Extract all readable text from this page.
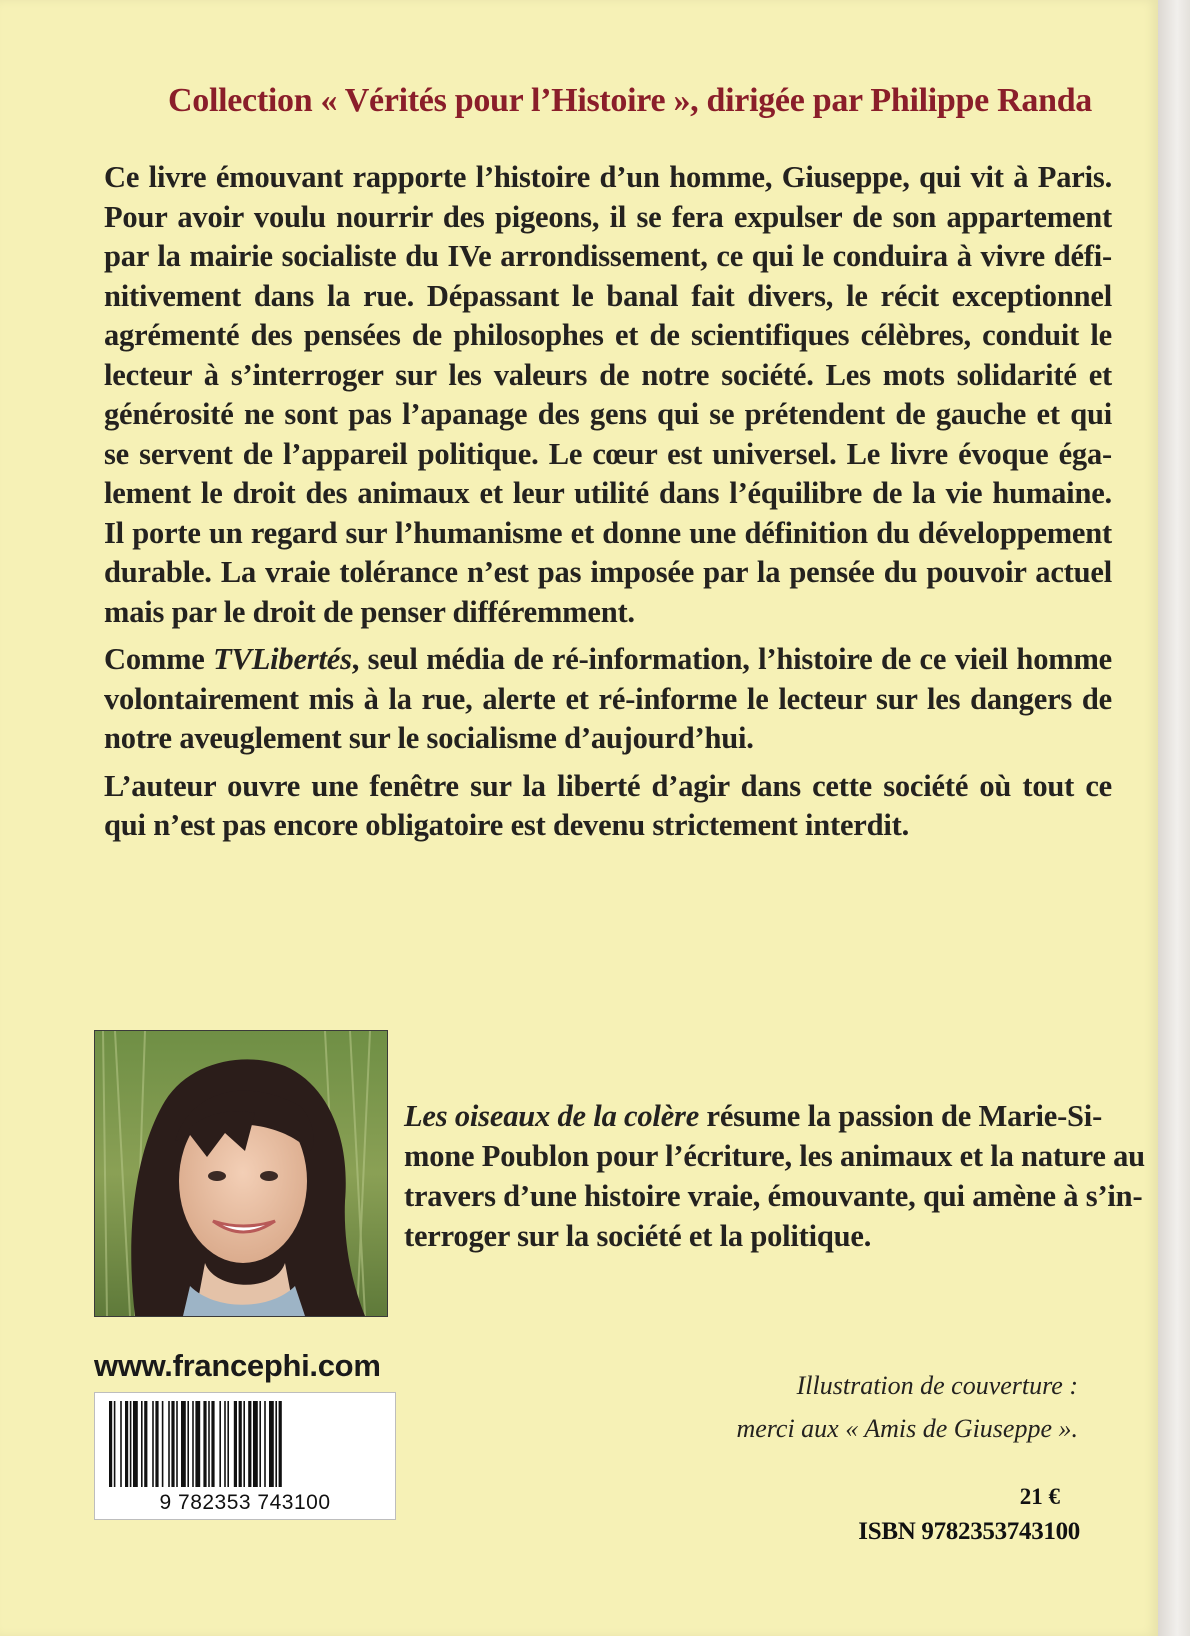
Collection « Vérités pour l’Histoire », dirigée par Philippe Randa

Ce livre émouvant rapporte l’histoire d’un homme, Giuseppe, qui vit à Paris.
Pour avoir voulu nourrir des pigeons, il se fera expulser de son appartement
par la mairie socialiste du IVe arrondissement, ce qui le conduira à vivre défi-
nitivement dans la rue. Dépassant le banal fait divers, le récit exceptionnel
agrémenté des pensées de philosophes et de scientifiques célèbres, conduit le
lecteur à s’interroger sur les valeurs de notre société. Les mots solidarité et
générosité ne sont pas l’apanage des gens qui se prétendent de gauche et qui
se servent de l’appareil politique. Le cœur est universel. Le livre évoque éga-
lement le droit des animaux et leur utilité dans l’équilibre de la vie humaine.
Il porte un regard sur l’humanisme et donne une définition du développement
durable. La vraie tolérance n’est pas imposée par la pensée du pouvoir actuel
mais par le droit de penser différemment.

Comme TVLibertés, seul média de ré-information, l’histoire de ce vieil homme
volontairement mis à la rue, alerte et ré-informe le lecteur sur les dangers de
notre aveuglement sur le socialisme d’aujourd’hui.

L’auteur ouvre une fenêtre sur la liberté d’agir dans cette société où tout ce
qui n’est pas encore obligatoire est devenu strictement interdit.

Les oiseaux de la colère résume la passion de Marie-Si-
mone Poublon pour l’écriture, les animaux et la nature au
travers d’une histoire vraie, émouvante, qui amène à s’in-
terroger sur la société et la politique.
www.francephi.com
9 782353 743100
Illustration de couverture :
merci aux « Amis de Giuseppe ».
21 €
ISBN 9782353743100
